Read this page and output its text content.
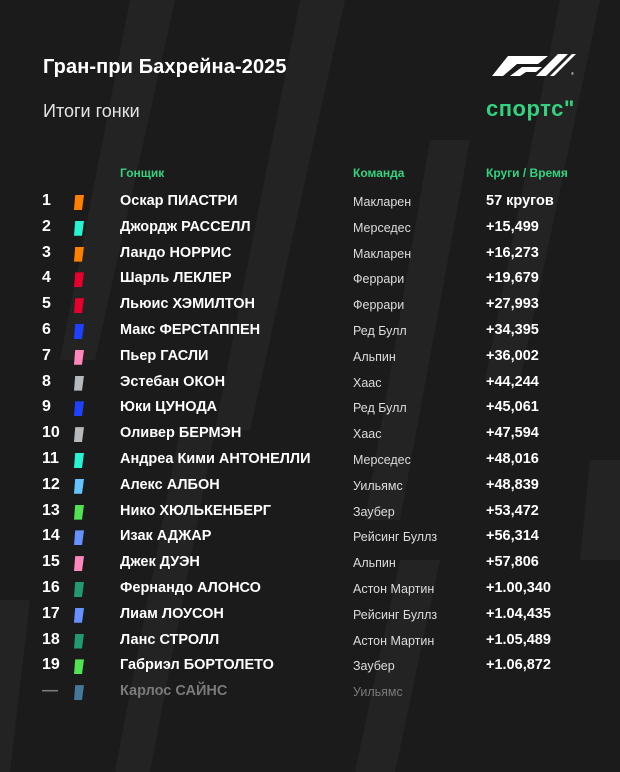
Гран-при Бахрейна-2025
Итоги гонки
®
спортс"
Гонщик	Команда	Круги / Время
1	Оскар ПИАСТРИ	Макларен	57 кругов
2	Джордж РАССЕЛЛ	Мерседес	+15,499
3	Ландо НОРРИС	Макларен	+16,273
4	Шарль ЛЕКЛЕР	Феррари	+19,679
5	Льюис ХЭМИЛТОН	Феррари	+27,993
6	Макс ФЕРСТАППЕН	Ред Булл	+34,395
7	Пьер ГАСЛИ	Альпин	+36,002
8	Эстебан ОКОН	Хаас	+44,244
9	Юки ЦУНОДА	Ред Булл	+45,061
10	Оливер БЕРМЭН	Хаас	+47,594
11	Андреа Кими АНТОНЕЛЛИ	Мерседес	+48,016
12	Алекс АЛБОН	Уильямс	+48,839
13	Нико ХЮЛЬКЕНБЕРГ	Заубер	+53,472
14	Изак АДЖАР	Рейсинг Буллз	+56,314
15	Джек ДУЭН	Альпин	+57,806
16	Фернандо АЛОНСО	Астон Мартин	+1.00,340
17	Лиам ЛОУСОН	Рейсинг Буллз	+1.04,435
18	Ланс СТРОЛЛ	Астон Мартин	+1.05,489
19	Габриэл БОРТОЛЕТО	Заубер	+1.06,872
—	Карлос САЙНС	Уильямс
